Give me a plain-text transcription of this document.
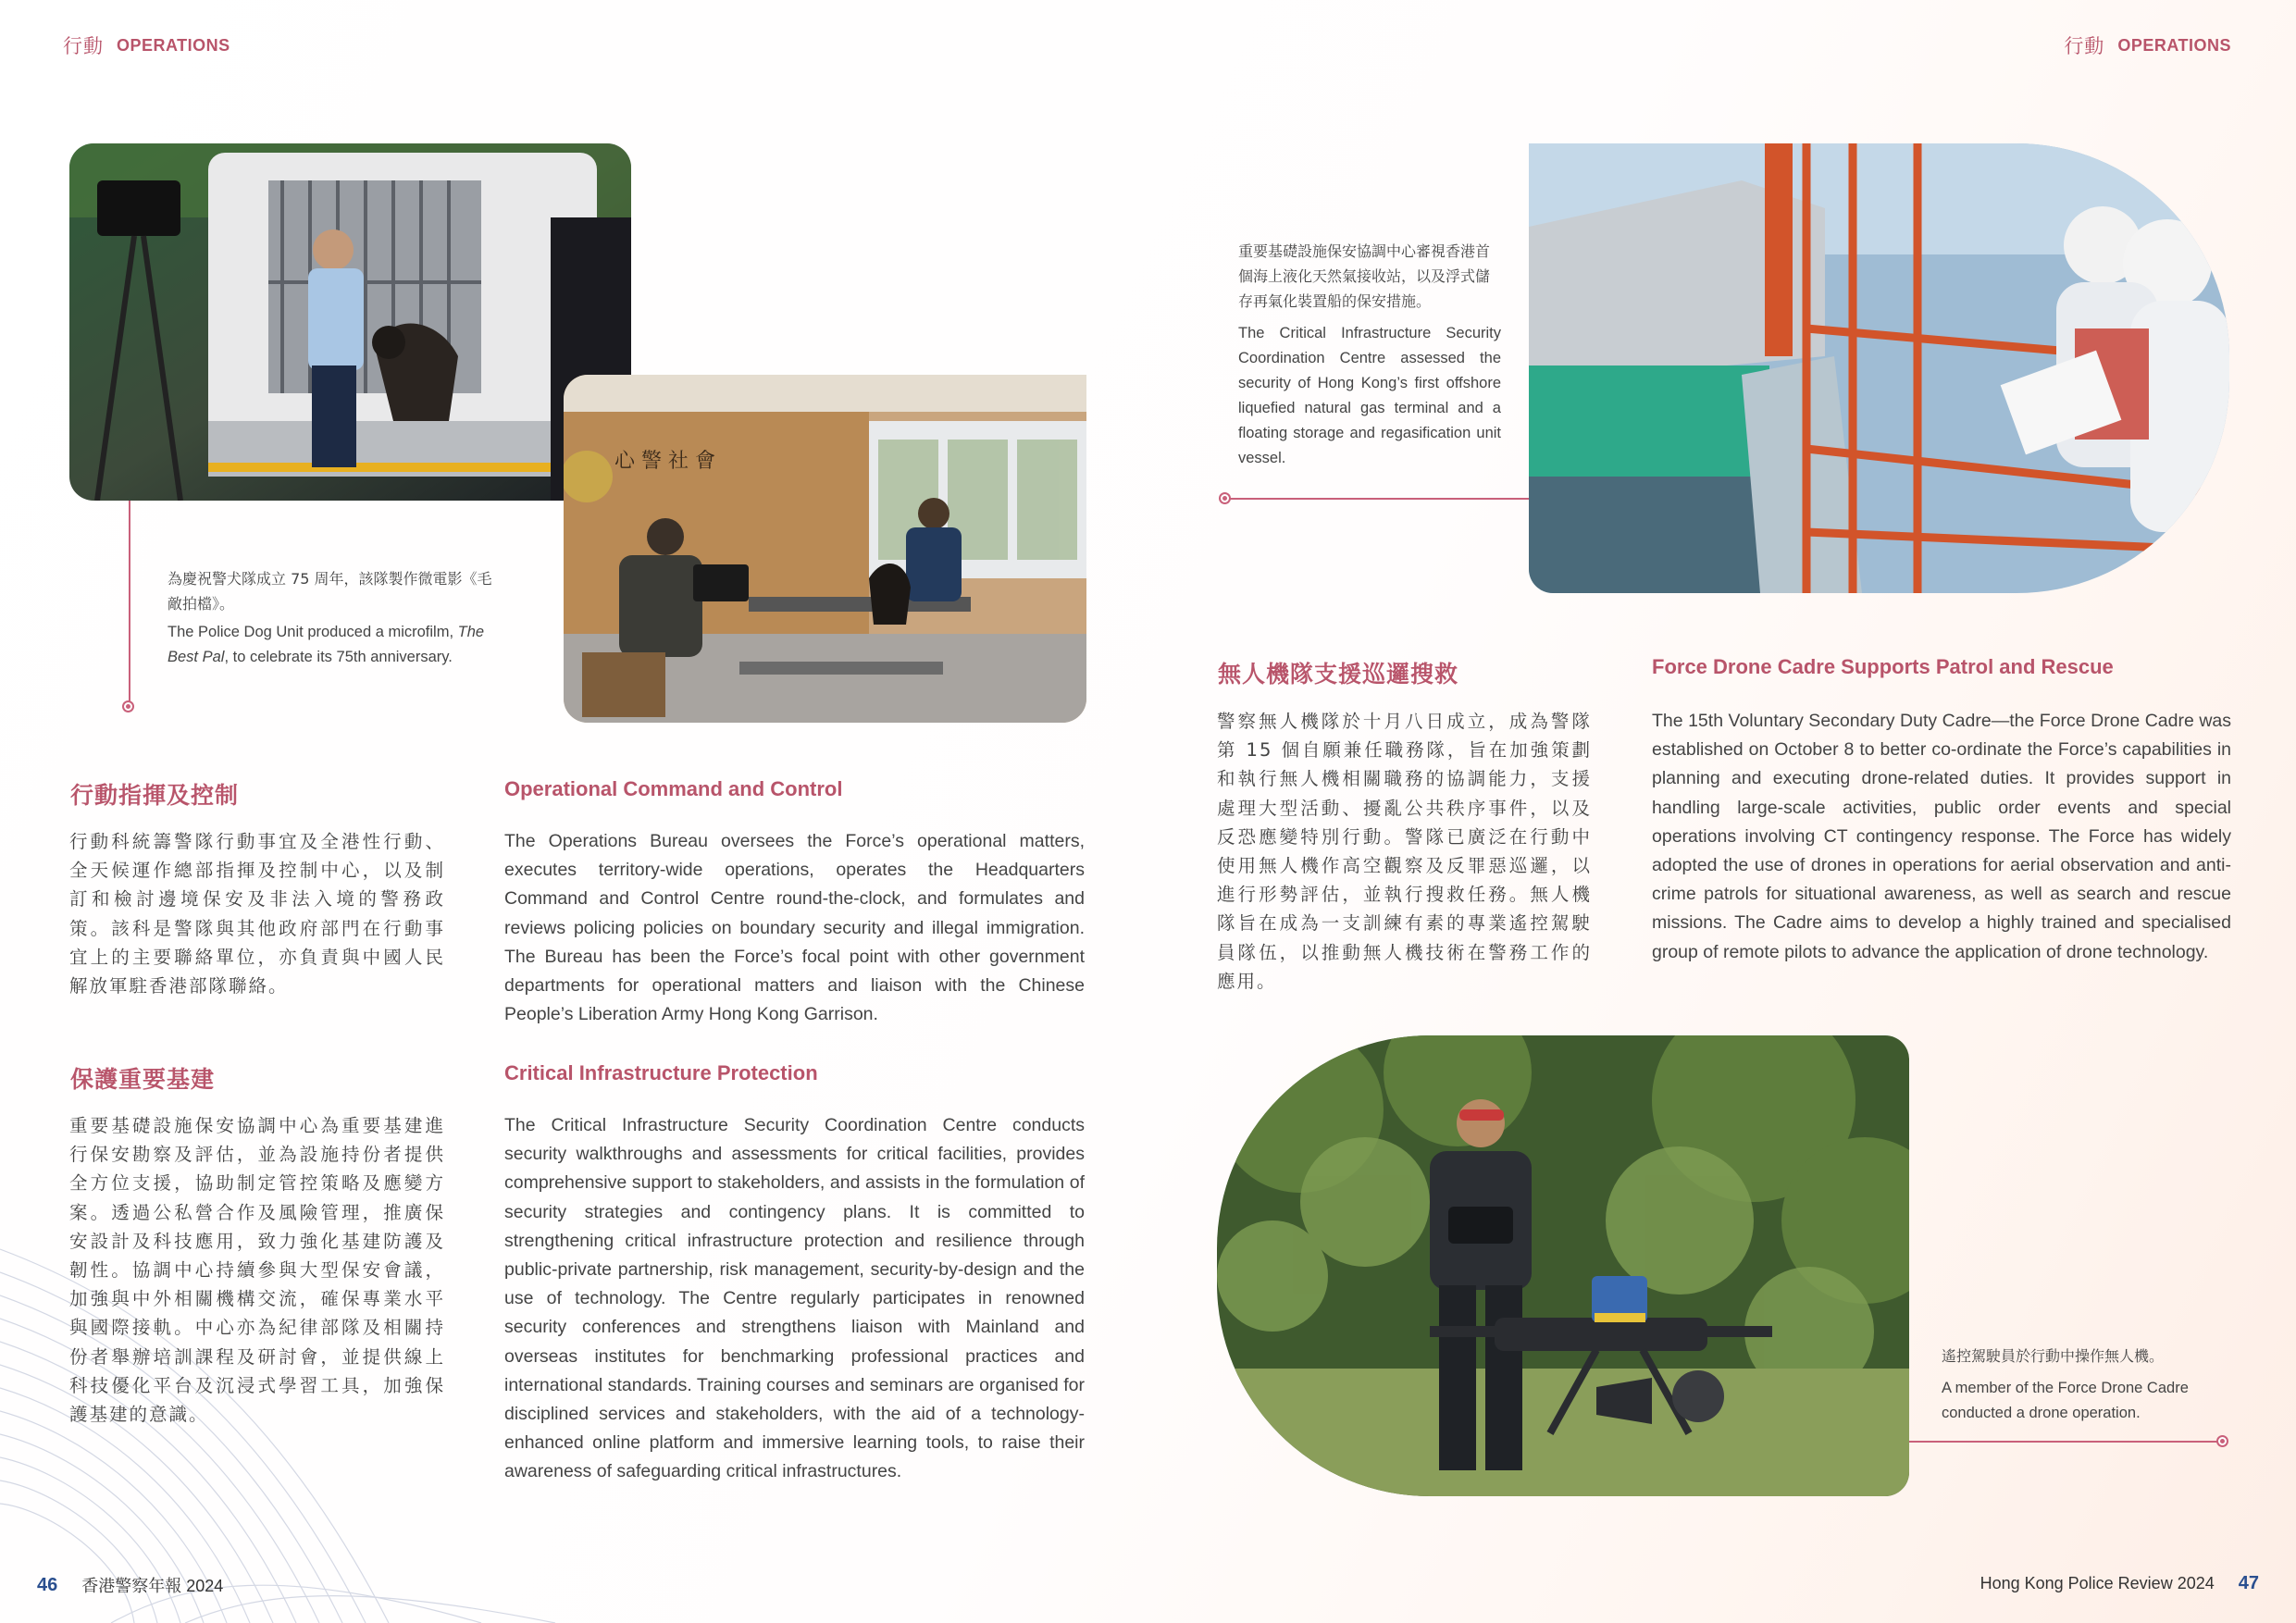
行動 OPERATIONS	行動 OPERATIONS
心 警 社 會
為慶祝警犬隊成立 75 周年，該隊製作微電影《毛敵拍檔》。
The Police Dog Unit produced a microfilm, The Best Pal, to celebrate its 75th anniversary.
行動指揮及控制
行動科統籌警隊行動事宜及全港性行動、全天候運作總部指揮及控制中心，以及制訂和檢討邊境保安及非法入境的警務政策。該科是警隊與其他政府部門在行動事宜上的主要聯絡單位，亦負責與中國人民解放軍駐香港部隊聯絡。
Operational Command and Control
The Operations Bureau oversees the Force’s operational matters, executes territory-wide operations, operates the Headquarters Command and Control Centre round-the-clock, and formulates and reviews policing policies on boundary security and illegal immigration. The Bureau has been the Force’s focal point with other government departments for operational matters and liaison with the Chinese People’s Liberation Army Hong Kong Garrison.
保護重要基建
重要基礎設施保安協調中心為重要基建進行保安勘察及評估，並為設施持份者提供全方位支援，協助制定管控策略及應變方案。透過公私營合作及風險管理，推廣保安設計及科技應用，致力強化基建防護及韌性。協調中心持續參與大型保安會議，加強與中外相關機構交流，確保專業水平與國際接軌。中心亦為紀律部隊及相關持份者舉辦培訓課程及研討會，並提供線上科技優化平台及沉浸式學習工具，加強保護基建的意識。
Critical Infrastructure Protection
The Critical Infrastructure Security Coordination Centre conducts security walkthroughs and assessments for critical facilities, provides comprehensive support to stakeholders, and assists in the formulation of security strategies and contingency plans. It is committed to strengthening critical infrastructure protection and resilience through public-private partnership, risk management, security-by-design and the use of technology. The Centre regularly participates in renowned security conferences and strengthens liaison with Mainland and overseas institutes for benchmarking professional practices and international standards. Training courses and seminars are organised for disciplined services and stakeholders, with the aid of a technology-enhanced online platform and immersive learning tools, to raise their awareness of safeguarding critical infrastructures.
重要基礎設施保安協調中心審視香港首個海上液化天然氣接收站，以及浮式儲存再氣化裝置船的保安措施。
The Critical Infrastructure Security Coordination Centre assessed the security of Hong Kong’s first offshore liquefied natural gas terminal and a floating storage and regasification unit vessel.
無人機隊支援巡邏搜救
警察無人機隊於十月八日成立，成為警隊第 15 個自願兼任職務隊，旨在加強策劃和執行無人機相關職務的協調能力，支援處理大型活動、擾亂公共秩序事件，以及反恐應變特別行動。警隊已廣泛在行動中使用無人機作高空觀察及反罪惡巡邏，以進行形勢評估，並執行搜救任務。無人機隊旨在成為一支訓練有素的專業遙控駕駛員隊伍，以推動無人機技術在警務工作的應用。
Force Drone Cadre Supports Patrol and Rescue
The 15th Voluntary Secondary Duty Cadre—the Force Drone Cadre was established on October 8 to better co-ordinate the Force’s capabilities in planning and executing drone-related duties. It provides support in handling large-scale activities, public order events and special operations involving CT contingency response. The Force has widely adopted the use of drones in operations for aerial observation and anti-crime patrols for situational awareness, as well as search and rescue missions. The Cadre aims to develop a highly trained and specialised group of remote pilots to advance the application of drone technology.
遙控駕駛員於行動中操作無人機。
A member of the Force Drone Cadre conducted a drone operation.
46 香港警察年報 2024	Hong Kong Police Review 2024 47
